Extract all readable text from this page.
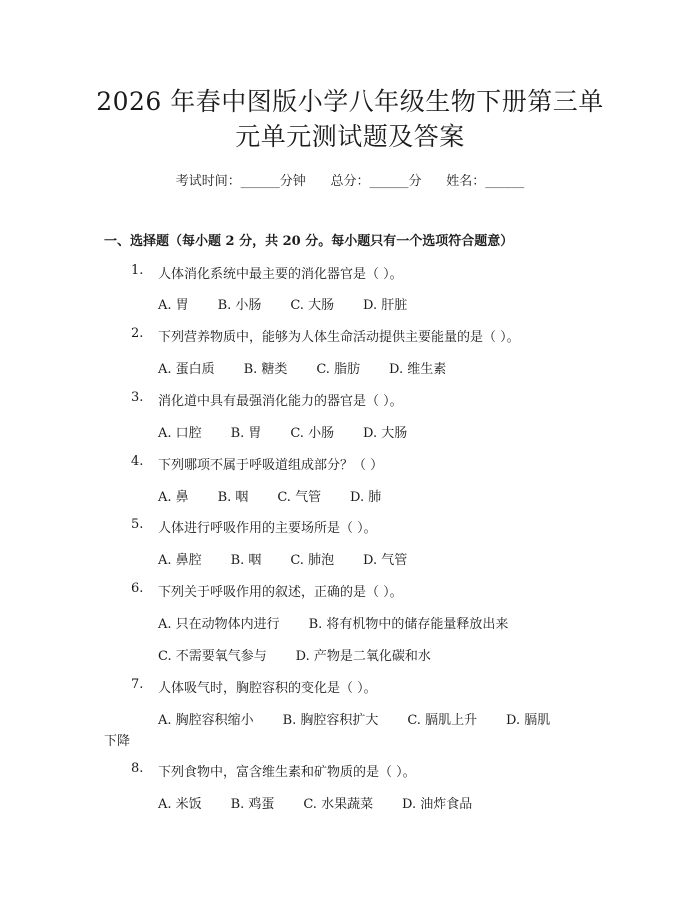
2026 年春中图版小学八年级生物下册第三单
元单元测试题及答案
考试时间：______分钟      总分：______分      姓名：______
一、选择题（每小题 2 分，共 20 分。每小题只有一个选项符合题意）
1. 人体消化系统中最主要的消化器官是（ ）。
A. 胃       B. 小肠       C. 大肠       D. 肝脏
2. 下列营养物质中，能够为人体生命活动提供主要能量的是（ ）。
A. 蛋白质       B. 糖类       C. 脂肪       D. 维生素
3. 消化道中具有最强消化能力的器官是（ ）。
A. 口腔       B. 胃       C. 小肠       D. 大肠
4. 下列哪项不属于呼吸道组成部分？（ ）
A. 鼻       B. 咽       C. 气管       D. 肺
5. 人体进行呼吸作用的主要场所是（ ）。
A. 鼻腔       B. 咽       C. 肺泡       D. 气管
6. 下列关于呼吸作用的叙述，正确的是（ ）。
A. 只在动物体内进行       B. 将有机物中的储存能量释放出来
C. 不需要氧气参与       D. 产物是二氧化碳和水
7. 人体吸气时，胸腔容积的变化是（ ）。
A. 胸腔容积缩小       B. 胸腔容积扩大       C. 膈肌上升       D. 膈肌
下降
8. 下列食物中，富含维生素和矿物质的是（ ）。
A. 米饭       B. 鸡蛋       C. 水果蔬菜       D. 油炸食品
